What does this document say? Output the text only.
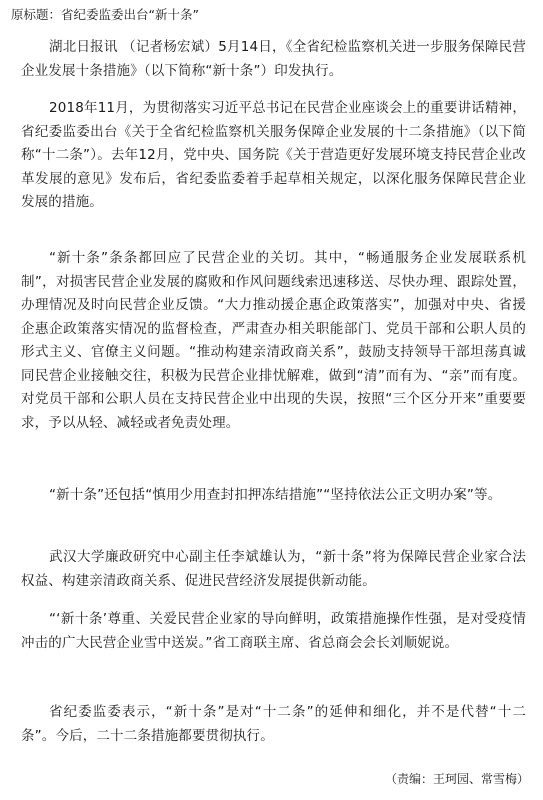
原标题：省纪委监委出台“新十条”

湖北日报讯 （记者杨宏斌）5月14日，《全省纪检监察机关进一步服务保障民营企业发展十条措施》（以下简称“新十条”）印发执行。

2018年11月，为贯彻落实习近平总书记在民营企业座谈会上的重要讲话精神，省纪委监委出台《关于全省纪检监察机关服务保障企业发展的十二条措施》（以下简称“十二条”）。去年12月，党中央、国务院《关于营造更好发展环境支持民营企业改革发展的意见》发布后，省纪委监委着手起草相关规定，以深化服务保障民营企业发展的措施。

“新十条”条条都回应了民营企业的关切。其中，“畅通服务企业发展联系机制”，对损害民营企业发展的腐败和作风问题线索迅速移送、尽快办理、跟踪处置，办理情况及时向民营企业反馈。“大力推动援企惠企政策落实”，加强对中央、省援企惠企政策落实情况的监督检查，严肃查办相关职能部门、党员干部和公职人员的形式主义、官僚主义问题。“推动构建亲清政商关系”，鼓励支持领导干部坦荡真诚同民营企业接触交往，积极为民营企业排忧解难，做到“清”而有为、“亲”而有度。对党员干部和公职人员在支持民营企业中出现的失误，按照“三个区分开来”重要要求，予以从轻、减轻或者免责处理。

“新十条”还包括“慎用少用查封扣押冻结措施”“坚持依法公正文明办案”等。

武汉大学廉政研究中心副主任李斌雄认为，“新十条”将为保障民营企业家合法权益、构建亲清政商关系、促进民营经济发展提供新动能。

“‘新十条’尊重、关爱民营企业家的导向鲜明，政策措施操作性强，是对受疫情冲击的广大民营企业雪中送炭。”省工商联主席、省总商会会长刘顺妮说。

省纪委监委表示，“新十条”是对“十二条”的延伸和细化，并不是代替“十二条”。今后，二十二条措施都要贯彻执行。

（责编：王珂园、常雪梅）
